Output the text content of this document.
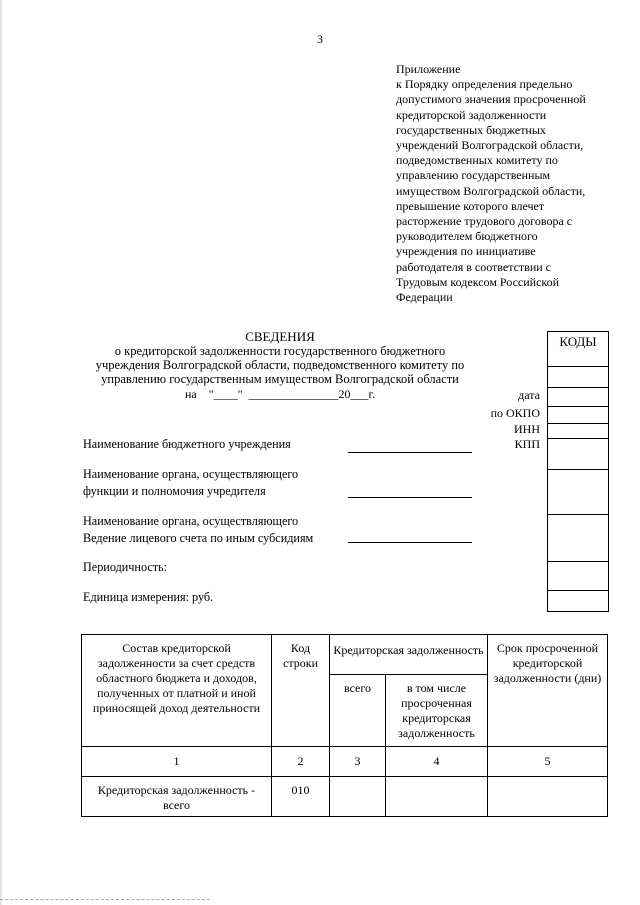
3
Приложение
к Порядку определения предельно
допустимого значения просроченной
кредиторской задолженности
государственных бюджетных
учреждений Волгоградской области,
подведомственных комитету по
управлению государственным
имуществом Волгоградской области,
превышение которого влечет
расторжение трудового договора с
руководителем бюджетного
учреждения по инициативе
работодателя в соответствии с
Трудовым кодексом Российской
Федерации
СВЕДЕНИЯ
о кредиторской задолженности государственного бюджетного
учреждения Волгоградской области, подведомственного комитету по
управлению государственным имуществом Волгоградской области
на    "____"  _______________20___г.	дата
по ОКПО
ИНН
КПП
КОДЫ
Наименование бюджетного учреждения
Наименование органа, осуществляющего
функции и полномочия учредителя
Наименование органа, осуществляющего
Ведение лицевого счета по иным субсидиям
Периодичность:
Единица измерения: руб.
Состав кредиторской задолженности за счет средств областного бюджета и доходов, полученных от платной и иной приносящей доход деятельности	Код строки	Кредиторская задолженность		Срок просроченной кредиторской задолженности (дни)
		всего	в том числе просроченная кредиторская задолженность	
1	2	3	4	5
Кредиторская задолженность - всего	010			
